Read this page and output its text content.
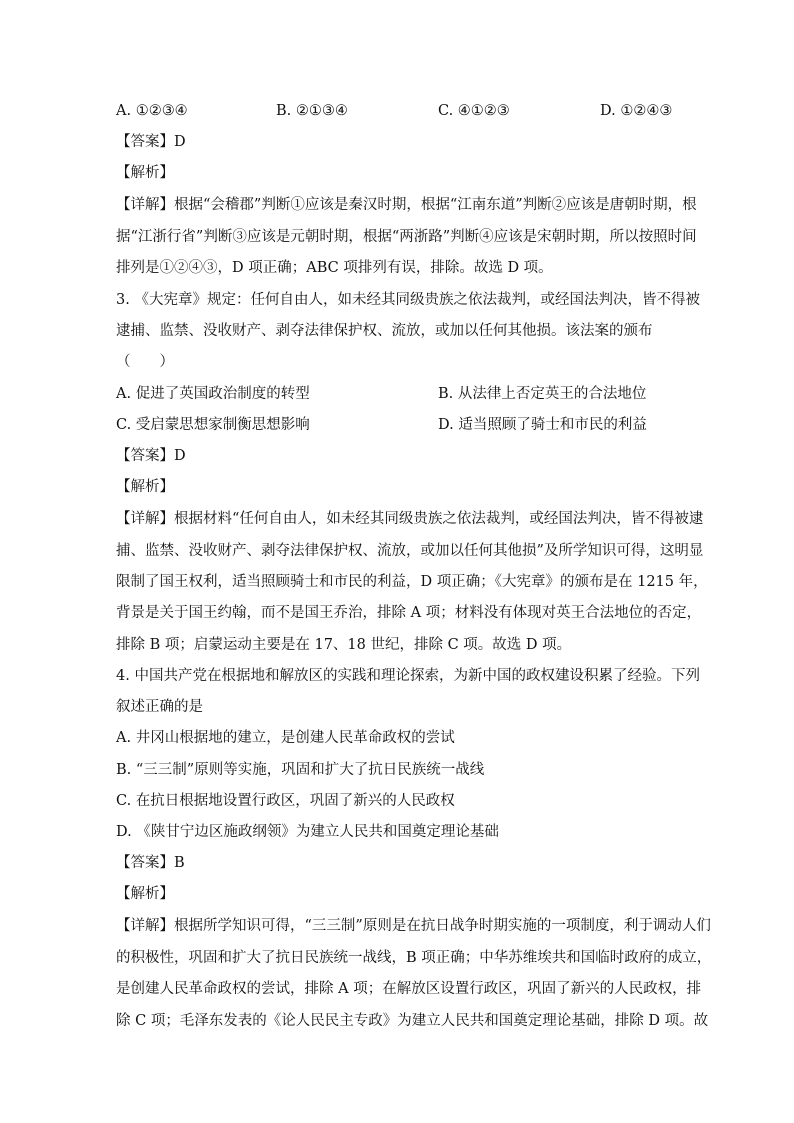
A. ①②③④	B. ②①③④	C. ④①②③	D. ①②④③
【答案】D
【解析】
【详解】根据“会稽郡”判断①应该是秦汉时期，根据“江南东道”判断②应该是唐朝时期，根
据“江浙行省”判断③应该是元朝时期，根据“两浙路”判断④应该是宋朝时期，所以按照时间
排列是①②④③，D 项正确；ABC 项排列有误，排除。故选 D 项。
3. 《大宪章》规定：任何自由人，如未经其同级贵族之依法裁判，或经国法判决，皆不得被
逮捕、监禁、没收财产、剥夺法律保护权、流放，或加以任何其他损。该法案的颁布
（　　）
A. 促进了英国政治制度的转型	B. 从法律上否定英王的合法地位
C. 受启蒙思想家制衡思想影响	D. 适当照顾了骑士和市民的利益
【答案】D
【解析】
【详解】根据材料“任何自由人，如未经其同级贵族之依法裁判，或经国法判决，皆不得被逮
捕、监禁、没收财产、剥夺法律保护权、流放，或加以任何其他损”及所学知识可得，这明显
限制了国王权利，适当照顾骑士和市民的利益，D 项正确；《大宪章》的颁布是在 1215 年，
背景是关于国王约翰，而不是国王乔治，排除 A 项；材料没有体现对英王合法地位的否定，
排除 B 项；启蒙运动主要是在 17、18 世纪，排除 C 项。故选 D 项。
4. 中国共产党在根据地和解放区的实践和理论探索，为新中国的政权建设积累了经验。下列
叙述正确的是
A. 井冈山根据地的建立，是创建人民革命政权的尝试
B. “三三制”原则等实施，巩固和扩大了抗日民族统一战线
C. 在抗日根据地设置行政区，巩固了新兴的人民政权
D. 《陕甘宁边区施政纲领》为建立人民共和国奠定理论基础
【答案】B
【解析】
【详解】根据所学知识可得，“三三制”原则是在抗日战争时期实施的一项制度，利于调动人们
的积极性，巩固和扩大了抗日民族统一战线，B 项正确；中华苏维埃共和国临时政府的成立，
是创建人民革命政权的尝试，排除 A 项；在解放区设置行政区，巩固了新兴的人民政权，排
除 C 项；毛泽东发表的《论人民民主专政》为建立人民共和国奠定理论基础，排除 D 项。故
